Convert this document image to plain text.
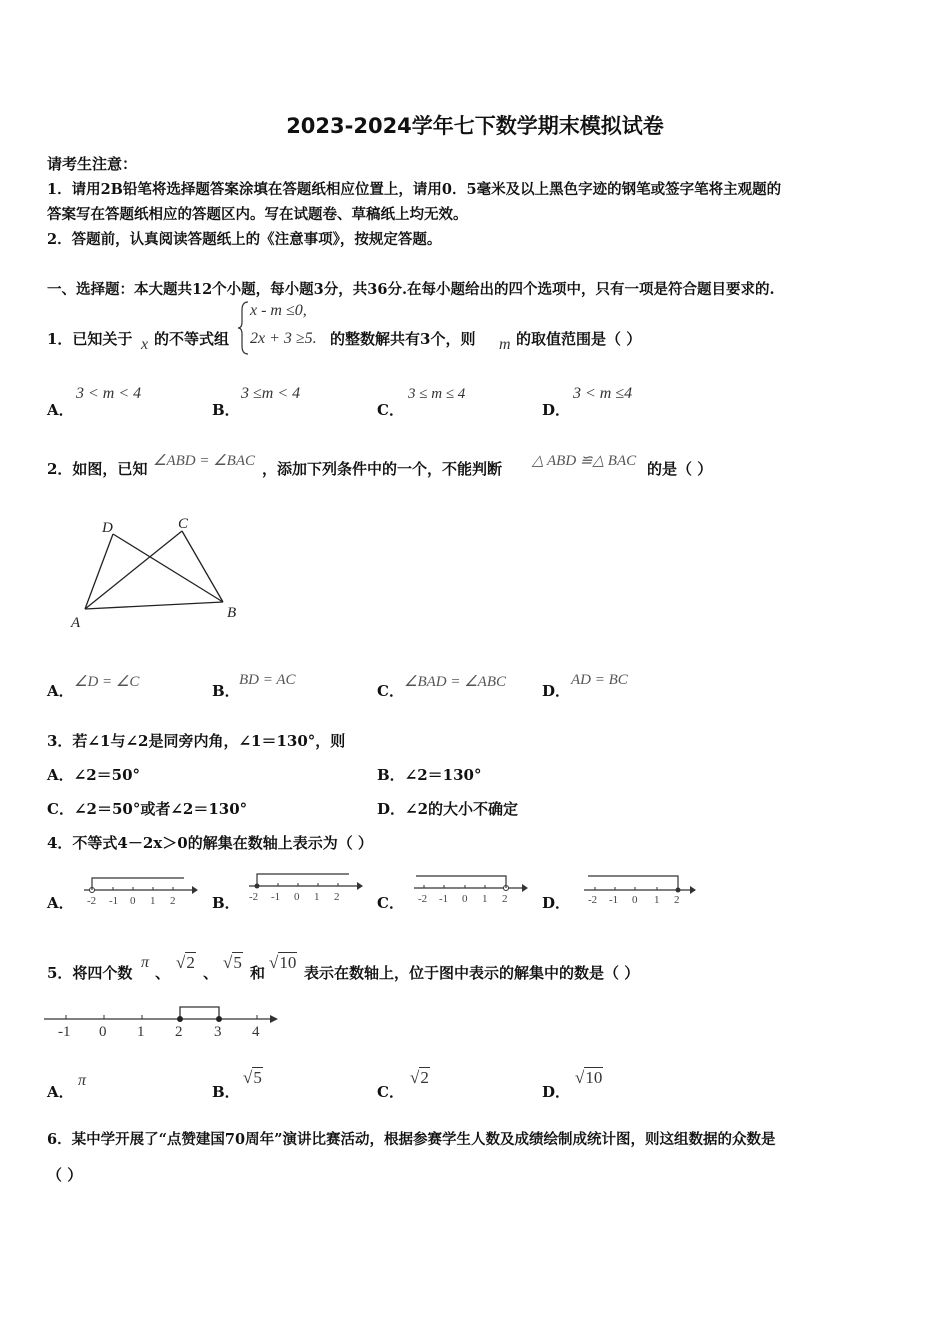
2023-2024学年七下数学期末模拟试卷
请考生注意：
1．请用2B铅笔将选择题答案涂填在答题纸相应位置上，请用0．5毫米及以上黑色字迹的钢笔或签字笔将主观题的
答案写在答题纸相应的答题区内。写在试题卷、草稿纸上均无效。
2．答题前，认真阅读答题纸上的《注意事项》，按规定答题。
一、选择题：本大题共12个小题，每小题3分，共36分.在每小题给出的四个选项中，只有一项是符合题目要求的.
1．已知关于 x 的不等式组
x - m ≤0,
2x + 3 ≥5. 的整数解共有3个，则 m 的取值范围是（ ）
A．
3 < m < 4
B．
3 ≤m < 4
C．
3 ≤ m ≤ 4
D．
3 < m ≤4
2．如图，已知 ∠ABD = ∠BAC ，添加下列条件中的一个，不能判断 △ ABD ≌△ BAC 的是（ ）
D	C
A
B
A． ∠D = ∠C	B．
BD = AC
C． ∠BAD = ∠ABC D．
AD = BC
3．若∠1与∠2是同旁内角，∠1＝130°，则
A．∠2＝50°	B．∠2＝130°
C．∠2＝50°或者∠2＝130°	D．∠2的大小不确定
4．不等式4－2x＞0的解集在数轴上表示为（ ）
A． -2 -1 0 1 2 B． -2 -1 0 1 2	C． -2 -1 0 1 2 D． -2 -1 0 1 2
5．将四个数
π
、
√2
、
√5
和
√10
表示在数轴上，位于图中表示的解集中的数是（ ）
-1 0 1 2 3 4
A．
π
B．
√5
C．
√2
D．
√10
6．某中学开展了“点赞建国70周年”演讲比赛活动，根据参赛学生人数及成绩绘制成统计图，则这组数据的众数是
（ ）
